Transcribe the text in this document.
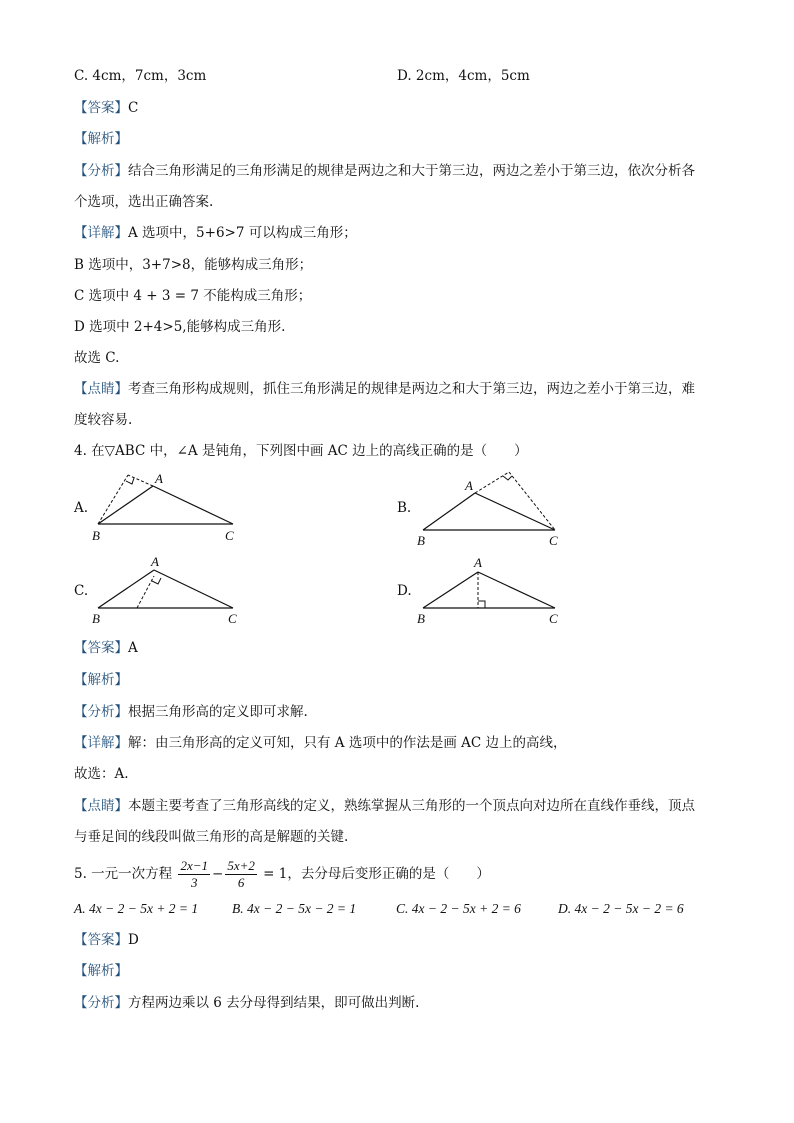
C. 4cm，7cm，3cm	D. 2cm，4cm，5cm
【答案】C
【解析】
【分析】结合三角形满足的三角形满足的规律是两边之和大于第三边，两边之差小于第三边，依次分析各
个选项，选出正确答案.
【详解】A 选项中，5+6>7 可以构成三角形；
B 选项中，3+7>8，能够构成三角形；
C 选项中 4 + 3 = 7 不能构成三角形；
D 选项中 2+4>5,能够构成三角形.
故选 C.
【点睛】考查三角形构成规则，抓住三角形满足的规律是两边之和大于第三边，两边之差小于第三边，难
度较容易.
4. 在▽ABC 中，∠A 是钝角，下列图中画 AC 边上的高线正确的是（　　）
A.
A
B	C
B.
A
B	C
C.
A
B	C
D.
A
B	C
【答案】A
【解析】
【分析】根据三角形高的定义即可求解.
【详解】解：由三角形高的定义可知，只有 A 选项中的作法是画 AC 边上的高线，
故选：A.
【点睛】本题主要考查了三角形高线的定义，熟练掌握从三角形的一个顶点向对边所在直线作垂线，顶点
与垂足间的线段叫做三角形的高是解题的关键.
5. 一元一次方程 $\frac{2x-1}{3} - \frac{5x+2}{6} = 1$，去分母后变形正确的是（　　）
A. 4x − 2 − 5x + 2 = 1	B. 4x − 2 − 5x − 2 = 1	C. 4x − 2 − 5x + 2 = 6	D. 4x − 2 − 5x − 2 = 6
【答案】D
【解析】
【分析】方程两边乘以 6 去分母得到结果，即可做出判断.
